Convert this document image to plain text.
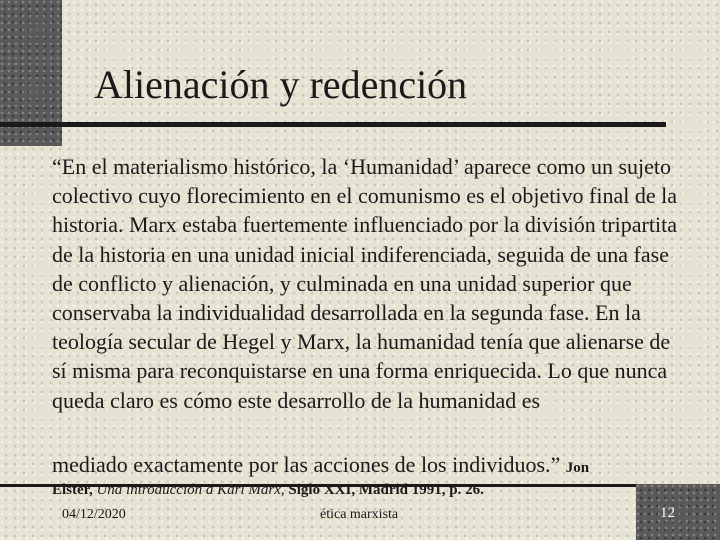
Alienación y redención

“En el materialismo histórico, la ‘Humanidad’ aparece como un sujeto colectivo cuyo florecimiento en el comunismo es el objetivo final de la historia. Marx estaba fuertemente influenciado por la división tripartita de la historia en una unidad inicial indiferenciada, seguida de una fase de conflicto y alienación, y culminada en una unidad superior que conservaba la individualidad desarrollada en la segunda fase. En la teología secular de Hegel y Marx, la humanidad tenía que alienarse de sí misma para reconquistarse en una forma enriquecida. Lo que nunca queda claro es cómo este desarrollo de la humanidad es

mediado exactamente por las acciones de los individuos.” Jon
Elster, Una introducción a Karl Marx, Siglo XXI, Madrid 1991, p. 26.
04/12/2020	ética marxista	12
